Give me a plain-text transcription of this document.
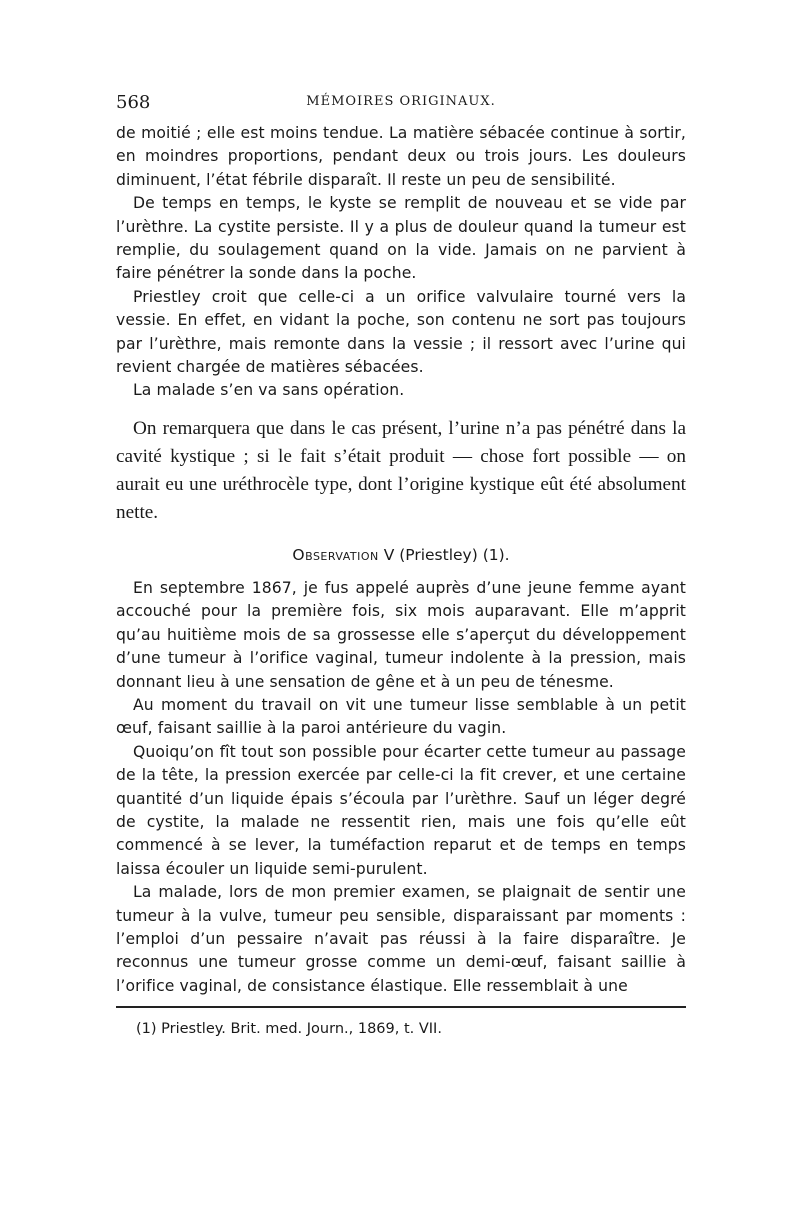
568	MÉMOIRES ORIGINAUX.

de moitié ; elle est moins tendue. La matière sébacée continue à sortir, en moindres proportions, pendant deux ou trois jours. Les douleurs diminuent, l’état fébrile disparaît. Il reste un peu de sensibilité.

De temps en temps, le kyste se remplit de nouveau et se vide par l’urèthre. La cystite persiste. Il y a plus de douleur quand la tumeur est remplie, du soulagement quand on la vide. Jamais on ne parvient à faire pénétrer la sonde dans la poche.

Priestley croit que celle-ci a un orifice valvulaire tourné vers la vessie. En effet, en vidant la poche, son contenu ne sort pas toujours par l’urèthre, mais remonte dans la vessie ; il ressort avec l’urine qui revient chargée de matières sébacées.

La malade s’en va sans opération.

On remarquera que dans le cas présent, l’urine n’a pas pénétré dans la cavité kystique ; si le fait s’était produit — chose fort possible — on aurait eu une uréthrocèle type, dont l’origine kystique eût été absolument nette.

Observation V (Priestley) (1).

En septembre 1867, je fus appelé auprès d’une jeune femme ayant accouché pour la première fois, six mois auparavant. Elle m’apprit qu’au huitième mois de sa grossesse elle s’aperçut du développement d’une tumeur à l’orifice vaginal, tumeur indolente à la pression, mais donnant lieu à une sensation de gêne et à un peu de ténesme.

Au moment du travail on vit une tumeur lisse semblable à un petit œuf, faisant saillie à la paroi antérieure du vagin.

Quoiqu’on fît tout son possible pour écarter cette tumeur au passage de la tête, la pression exercée par celle-ci la fit crever, et une certaine quantité d’un liquide épais s’écoula par l’urèthre. Sauf un léger degré de cystite, la malade ne ressentit rien, mais une fois qu’elle eût commencé à se lever, la tuméfaction reparut et de temps en temps laissa écouler un liquide semi-purulent.

La malade, lors de mon premier examen, se plaignait de sentir une tumeur à la vulve, tumeur peu sensible, disparaissant par moments : l’emploi d’un pessaire n’avait pas réussi à la faire disparaître. Je reconnus une tumeur grosse comme un demi-œuf, faisant saillie à l’orifice vaginal, de consistance élastique. Elle ressemblait à une

(1) Priestley. Brit. med. Journ., 1869, t. VII.
